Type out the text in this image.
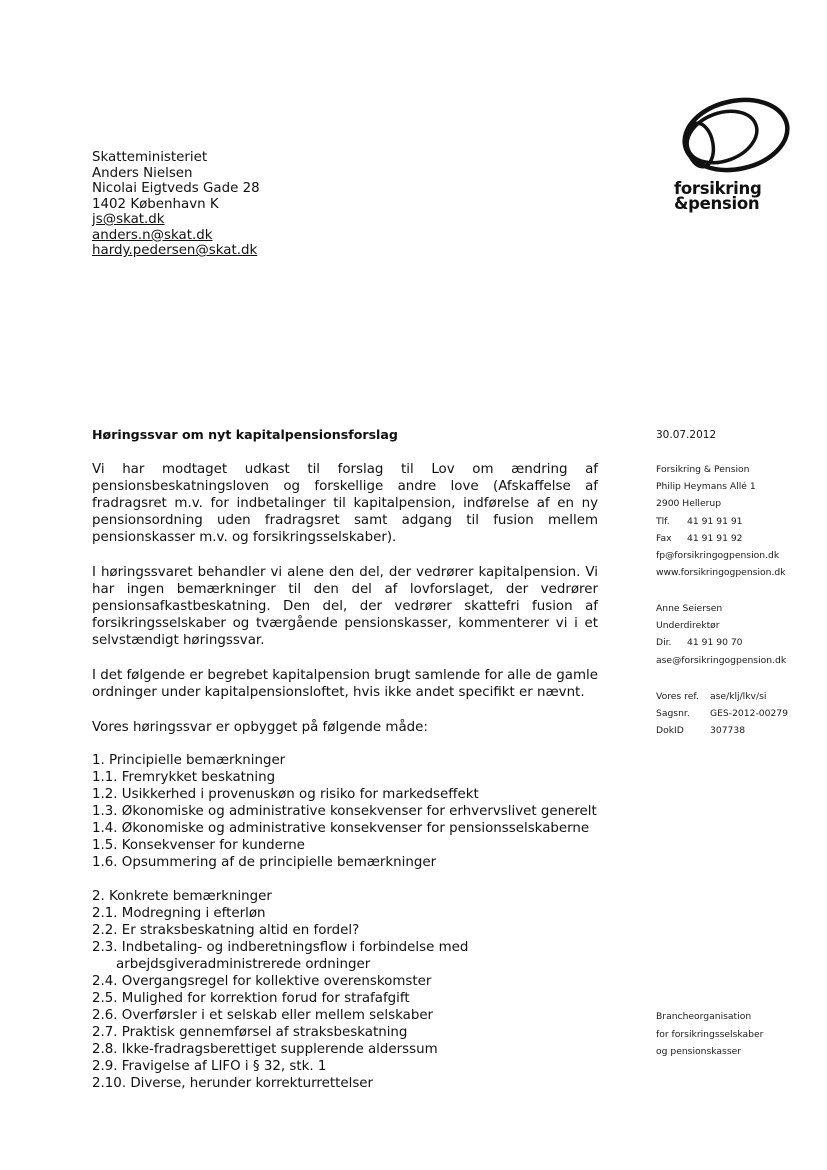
Skatteministeriet
Anders Nielsen
Nicolai Eigtveds Gade 28
1402 København K
js@skat.dk
anders.n@skat.dk
hardy.pedersen@skat.dk
forsikring
&pension
Høringssvar om nyt kapitalpensionsforslag	30.07.2012

Vi har modtaget udkast til forslag til Lov om ændring af pensionsbeskatningsloven og forskellige andre love (Afskaffelse af fradragsret m.v. for indbetalinger til kapitalpension, indførelse af en ny pensionsordning uden fradragsret samt adgang til fusion mellem pensionskasser m.v. og forsikringsselskaber).

I høringssvaret behandler vi alene den del, der vedrører kapitalpension. Vi har ingen bemærkninger til den del af lovforslaget, der vedrører pensionsafkastbeskatning. Den del, der vedrører skattefri fusion af forsikringsselskaber og tværgående pensionskasser, kommenterer vi i et selvstændigt høringssvar.

I det følgende er begrebet kapitalpension brugt samlende for alle de gamle ordninger under kapitalpensionsloftet, hvis ikke andet specifikt er nævnt.

Vores høringssvar er opbygget på følgende måde:

1. Principielle bemærkninger
1.1. Fremrykket beskatning
1.2. Usikkerhed i provenuskøn og risiko for markedseffekt
1.3. Økonomiske og administrative konsekvenser for erhvervslivet generelt
1.4. Økonomiske og administrative konsekvenser for pensionsselskaberne
1.5. Konsekvenser for kunderne
1.6. Opsummering af de principielle bemærkninger
2. Konkrete bemærkninger
2.1. Modregning i efterløn
2.2. Er straksbeskatning altid en fordel?
2.3. Indbetaling- og indberetningsflow i forbindelse med arbejdsgiveradministrerede ordninger
2.4. Overgangsregel for kollektive overenskomster
2.5. Mulighed for korrektion forud for strafafgift
2.6. Overførsler i et selskab eller mellem selskaber
2.7. Praktisk gennemførsel af straksbeskatning
2.8. Ikke-fradragsberettiget supplerende alderssum
2.9. Fravigelse af LIFO i § 32, stk. 1
2.10. Diverse, herunder korrekturrettelser
Forsikring & Pension
Philip Heymans Allé 1
2900 Hellerup
Tlf. 41 91 91 91
Fax 41 91 91 92
fp@forsikringogpension.dk
www.forsikringogpension.dk
Anne Seiersen
Underdirektør
Dir. 41 91 90 70
ase@forsikringogpension.dk
Vores ref. ase/klj/lkv/si
Sagsnr. GES-2012-00279
DokID	307738
Brancheorganisation
for forsikringsselskaber
og pensionskasser
